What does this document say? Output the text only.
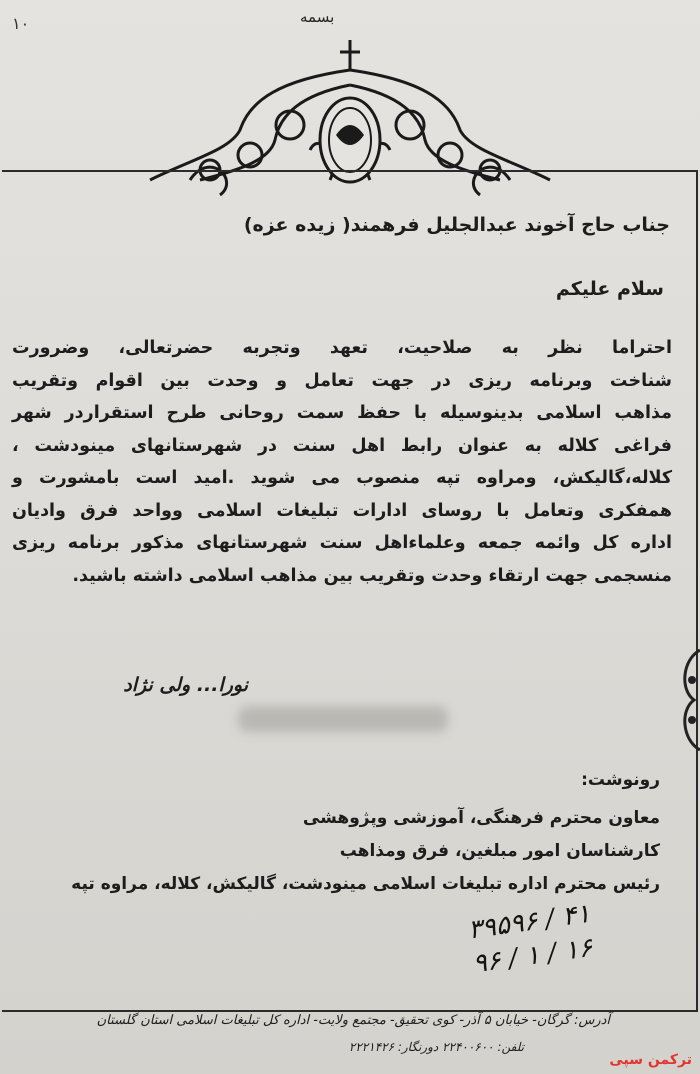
۱۰	بسمه
جناب حاج آخوند عبدالجلیل فرهمند( زیده عزه)
سلام علیکم
احتراما نظر به صلاحیت، تعهد وتجربه حضرتعالی، وضرورت
شناخت وبرنامه ریزی در جهت تعامل و وحدت بین اقوام وتقریب
مذاهب اسلامی بدینوسیله با حفظ سمت روحانی طرح استقراردر شهر
فراغی کلاله به عنوان رابط اهل سنت در شهرستانهای مینودشت ،
کلاله،گالیکش، ومراوه تپه منصوب می شوید .امید است بامشورت و
همفکری وتعامل با روسای ادارات تبلیغات اسلامی وواحد فرق وادیان
اداره کل وائمه جمعه وعلماءاهل سنت شهرستانهای مذکور برنامه ریزی
منسجمی جهت ارتقاء وحدت وتقریب بین مذاهب اسلامی داشته باشید.
نورا... ولی نژاد
رونوشت:
معاون محترم فرهنگی، آموزشی وپژوهشی
کارشناسان امور مبلغین، فرق ومذاهب
رئیس محترم اداره تبلیغات اسلامی مینودشت، گالیکش، کلاله، مراوه تپه
۳۹۵۹۶ / ۴۱
۹۶ / ۱ / ۱۶
آدرس: گرگان- خیابان ۵ آذر- کوی تحقیق- مجتمع ولایت- اداره کل تبلیغات اسلامی استان گلستان
تلفن: ۲۲۴۰۰۶۰۰ دورنگار: ۲۲۲۱۴۲۶
ترکمن سپی
